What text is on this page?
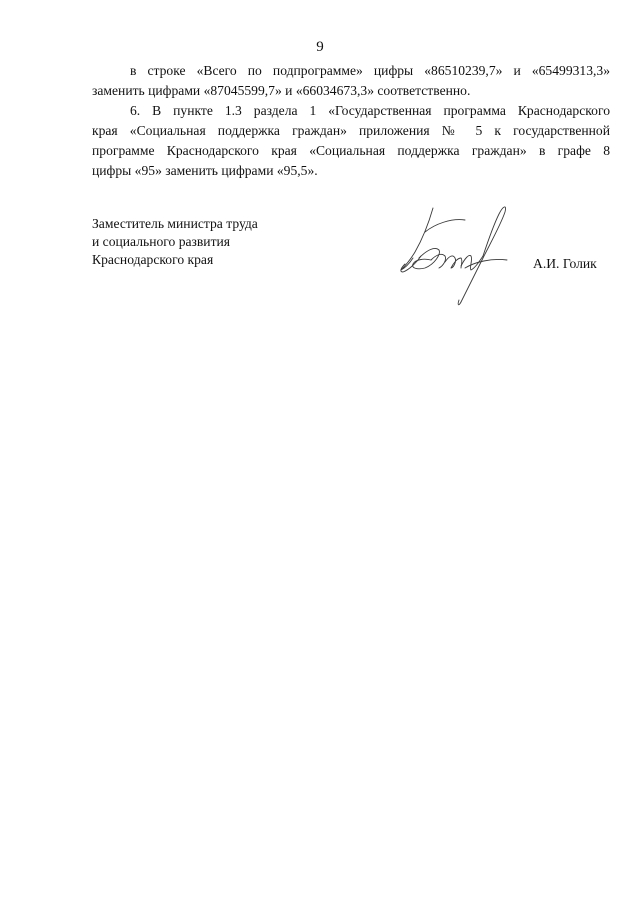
9
в строке «Всего по подпрограмме» цифры «86510239,7» и «65499313,3»
заменить цифрами «87045599,7» и «66034673,3» соответственно.
6. В пункте 1.3 раздела 1 «Государственная программа Краснодарского
края «Социальная поддержка граждан» приложения № 5 к государственной
программе Краснодарского края «Социальная поддержка граждан» в графе 8
цифры «95» заменить цифрами «95,5».
Заместитель министра труда
и социального развития
Краснодарского края	А.И. Голик
